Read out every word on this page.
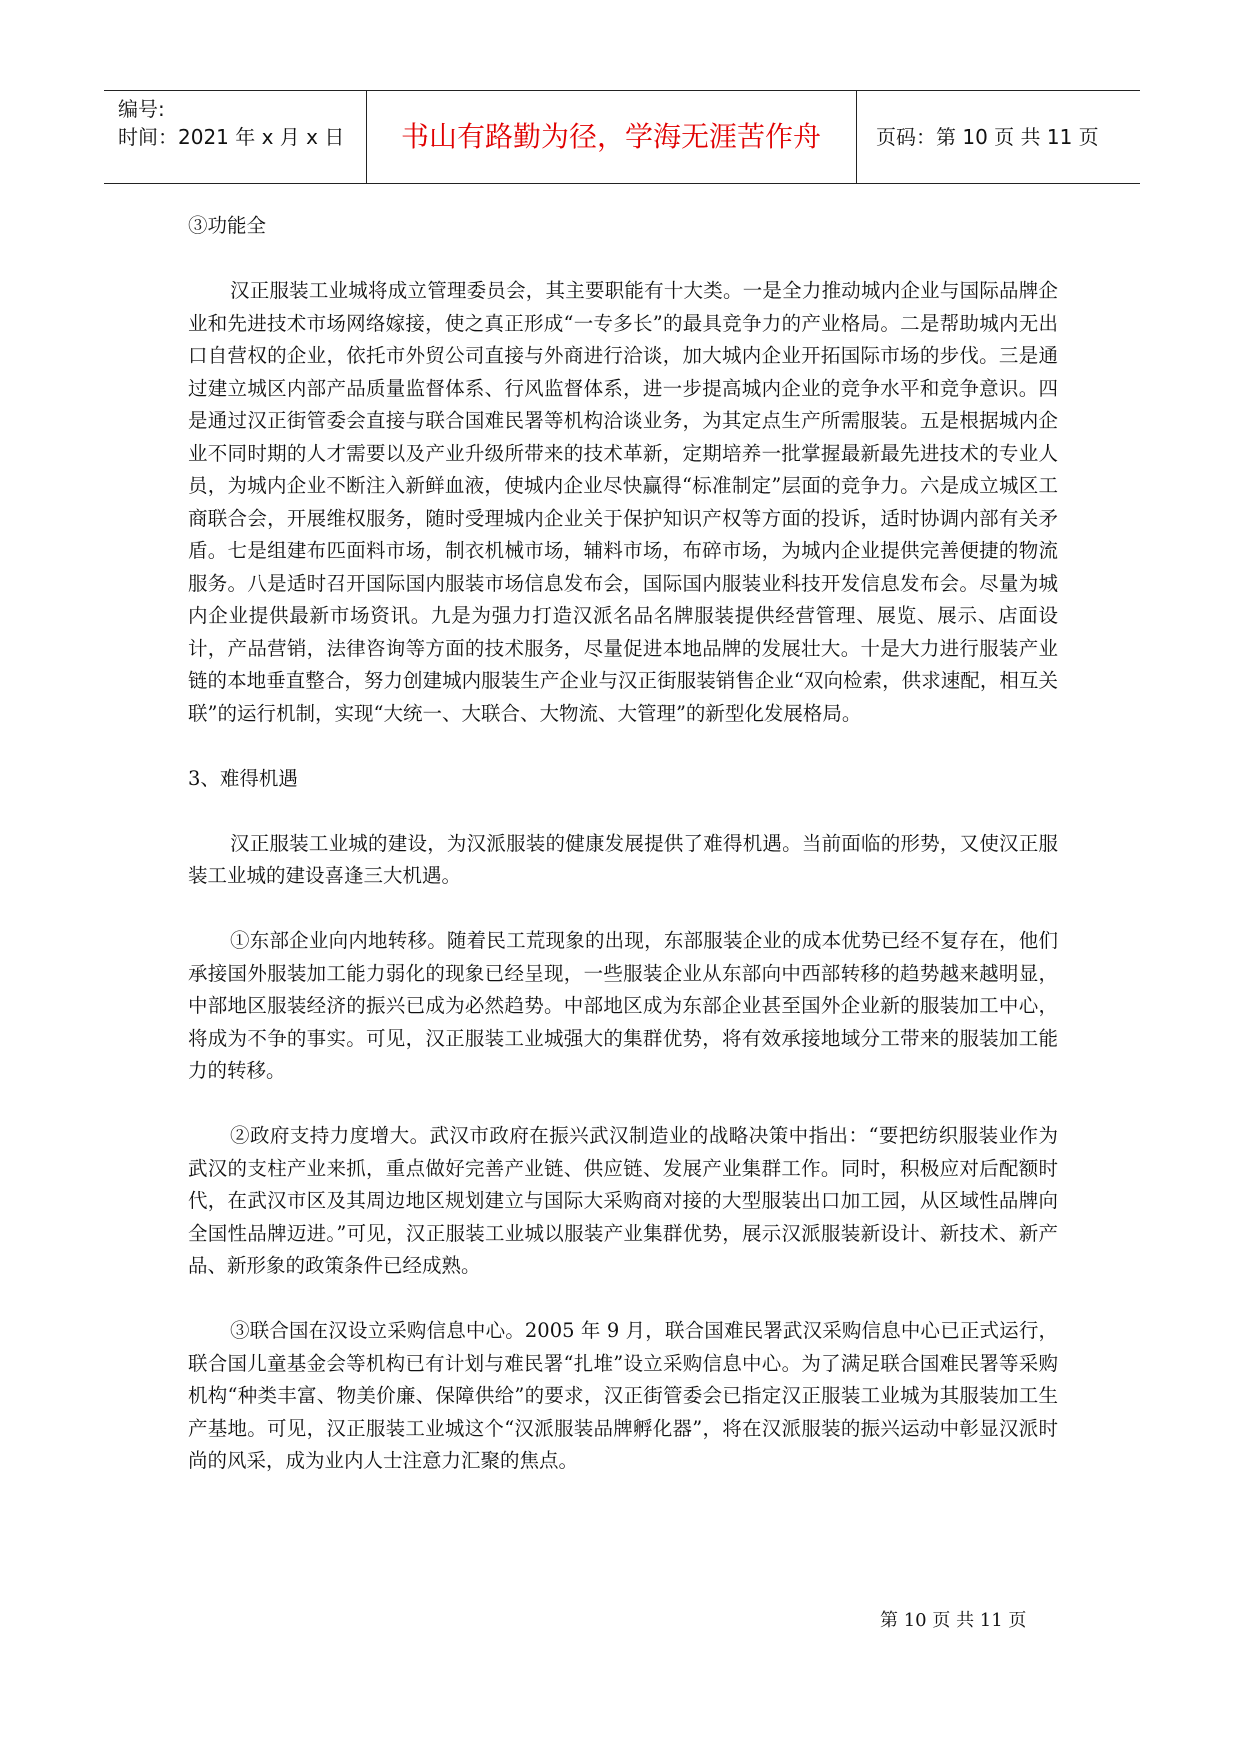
编号:
时间：2021 年 x 月 x 日	书山有路勤为径，学海无涯苦作舟	页码：第 10 页 共 11 页

③功能全

汉正服装工业城将成立管理委员会，其主要职能有十大类。一是全力推动城内企业与国际品牌企业和先进技术市场网络嫁接，使之真正形成“一专多长”的最具竞争力的产业格局。二是帮助城内无出口自营权的企业，依托市外贸公司直接与外商进行洽谈，加大城内企业开拓国际市场的步伐。三是通过建立城区内部产品质量监督体系、行风监督体系，进一步提高城内企业的竞争水平和竞争意识。四是通过汉正街管委会直接与联合国难民署等机构洽谈业务，为其定点生产所需服装。五是根据城内企业不同时期的人才需要以及产业升级所带来的技术革新，定期培养一批掌握最新最先进技术的专业人员，为城内企业不断注入新鲜血液，使城内企业尽快赢得“标准制定”层面的竞争力。六是成立城区工商联合会，开展维权服务，随时受理城内企业关于保护知识产权等方面的投诉，适时协调内部有关矛盾。七是组建布匹面料市场，制衣机械市场，辅料市场，布碎市场，为城内企业提供完善便捷的物流服务。八是适时召开国际国内服装市场信息发布会，国际国内服装业科技开发信息发布会。尽量为城内企业提供最新市场资讯。九是为强力打造汉派名品名牌服装提供经营管理、展览、展示、店面设计，产品营销，法律咨询等方面的技术服务，尽量促进本地品牌的发展壮大。十是大力进行服装产业链的本地垂直整合，努力创建城内服装生产企业与汉正街服装销售企业“双向检索，供求速配，相互关联”的运行机制，实现“大统一、大联合、大物流、大管理”的新型化发展格局。

3、难得机遇

汉正服装工业城的建设，为汉派服装的健康发展提供了难得机遇。当前面临的形势，又使汉正服装工业城的建设喜逢三大机遇。

①东部企业向内地转移。随着民工荒现象的出现，东部服装企业的成本优势已经不复存在，他们承接国外服装加工能力弱化的现象已经呈现，一些服装企业从东部向中西部转移的趋势越来越明显，中部地区服装经济的振兴已成为必然趋势。中部地区成为东部企业甚至国外企业新的服装加工中心，将成为不争的事实。可见，汉正服装工业城强大的集群优势，将有效承接地域分工带来的服装加工能力的转移。

②政府支持力度增大。武汉市政府在振兴武汉制造业的战略决策中指出：“要把纺织服装业作为武汉的支柱产业来抓，重点做好完善产业链、供应链、发展产业集群工作。同时，积极应对后配额时代，在武汉市区及其周边地区规划建立与国际大采购商对接的大型服装出口加工园，从区域性品牌向全国性品牌迈进。”可见，汉正服装工业城以服装产业集群优势，展示汉派服装新设计、新技术、新产品、新形象的政策条件已经成熟。

③联合国在汉设立采购信息中心。2005 年 9 月，联合国难民署武汉采购信息中心已正式运行，联合国儿童基金会等机构已有计划与难民署“扎堆”设立采购信息中心。为了满足联合国难民署等采购机构“种类丰富、物美价廉、保障供给”的要求，汉正街管委会已指定汉正服装工业城为其服装加工生产基地。可见，汉正服装工业城这个“汉派服装品牌孵化器”，将在汉派服装的振兴运动中彰显汉派时尚的风采，成为业内人士注意力汇聚的焦点。

第 10 页 共 11 页
